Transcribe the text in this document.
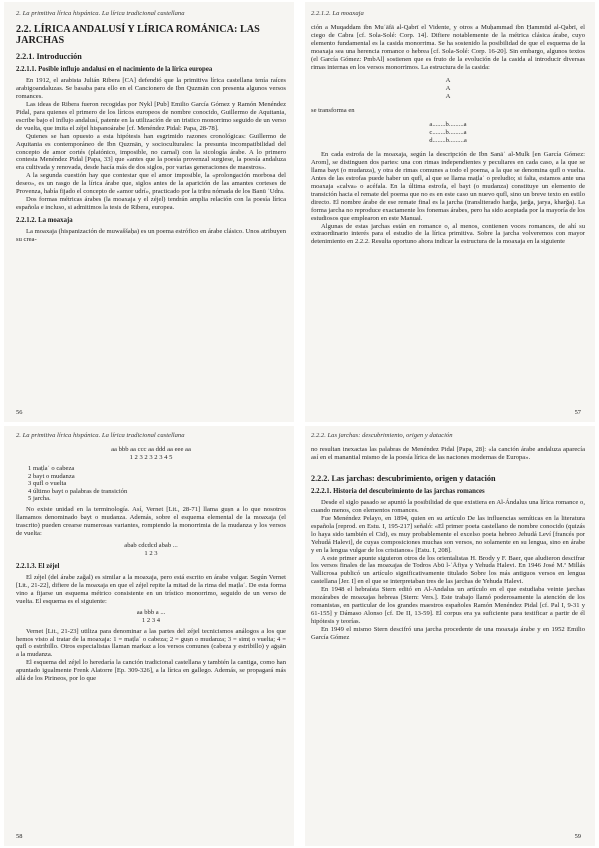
2. La primitiva lírica hispánica. La lírica tradicional castellana
2.2. LÍRICA ANDALUSÍ Y LÍRICA ROMÁNICA: LAS JARCHAS
2.2.1. Introducción
2.2.1.1. Posible influjo andalusí en el nacimiento de la lírica europea

En 1912, el arabista Julián Ribera [CA] defendió que la primitiva lírica castellana tenía raíces arabigoandaluzas. Se basaba para ello en el Cancionero de Ibn Quzmān con presenta algunos versos romances.

Las ideas de Ribera fueron recogidas por Nykl [Pub] Emilio García Gómez y Ramón Menéndez Pidal, para quienes el primero de los líricos europeos de nombre conocido, Guillermo de Aquitania, escribe bajo el influjo andalusí, patente en la utilización de un tristico monorrimo seguido de un verso de vuelta, que imita el zéjel hispanoárabe [cf. Menéndez Pidal: Papa, 28-78].

Quienes se han opuesto a esta hipótesis han esgrimido razones cronológicas: Guillermo de Aquitania es contemporáneo de Ibn Quzmān, y socioculturales: la presunta incompatibilidad del concepto de amor cortés (platónico, imposible, no carnal) con la sicología árabe. A lo primero contesta Menéndez Pidal [Papa, 33] que «antes que la poesía provenzal surgiese, la poesía andaluza era cultivada y renovada, desde hacía más de dos siglos, por varias generaciones de maestros».

A la segunda cuestión hay que contestar que el amor imposible, la «prolongación morbosa del deseo», es un rasgo de la lírica árabe que, siglos antes de la aparición de las amantes corteses de Provenza, había fijado el concepto de «amor udrí», practicado por la tribu nómada de los Banū ʿUdra.

Dos formas métricas árabes (la moaxaja y el zéjel) tendrán amplia relación con la poesía lírica española e incluso, si admitimos la tesis de Ribera, europea.

2.2.1.2. La moaxaja

La moaxaja (hispanización de muwaššaḥa) es un poema estrófico en árabe clásico. Unos atribuyen su crea-

56
2.2.1.2. La moaxaja

ción a Muqaddam ibn Muʿāfā al-Qabrī el Vidente, y otros a Muḥammad ibn Ḥammūd al-Qabrī, el ciego de Cabra [cf. Sola-Solé: Corp. 14]. Difiere notablemente de la métrica clásica árabe, cuyo elemento fundamental es la casida monorrima. Se ha sostenido la posibilidad de que el esquema de la moaxaja sea una herencia romance o hebrea [cf. Sola-Solé: Corp. 16-20]. Sin embargo, algunos textos (el García Gómez: PmbAl] sostienen que es fruto de la evolución de la casida al introducir diversas rimas internas en los versos monorrimos. La estructura de la casida:

A
A
A

se transforma en

a........b.........a
c........b.........a
d........b.........a

En cada estrofa de la moaxaja, según la descripción de Ibn Sanāʾ al-Mulk [en García Gómez: Arom], se distinguen dos partes: una con rimas independientes y peculiares en cada caso, a la que se llama bayt (o mudanza), y otra de rimas comunes a todo el poema, a la que se denomina qufl o vuelta. Antes de las estrofas puede haber un qufl, al que se llama maṭlaʿ o preludio; si falta, estamos ante una moaxaja «calva» o acéfala. En la última estrofa, el bayt (o mudanza) constituye un elemento de transición hacia el remate del poema que no es en este caso un nuevo qufl, sino un breve texto en estilo directo. El nombre árabe de ese remate final es la jarcha (transliterado harğa, jarğa, jarya, kharğa). La forma jarcha no reproduce exactamente los fonemas árabes, pero ha sido aceptada por la mayoría de los estudiosos que emplearon en este Manual.

Algunas de estas jarchas están en romance o, al menos, contienen voces romances, de ahí su extraordinario interés para el estudio de la lírica primitiva. Sobre la jarcha volveremos con mayor detenimiento en 2.2.2. Resulta oportuno ahora indicar la estructura de la moaxaja en la siguiente

57
2. La primitiva lírica hispánica. La lírica tradicional castellana
aa bbb aa ccc aa ddd aa eee aa
1 2 3 2 3 2 3 4 5
1 maṭlaʿ o cabeza
2 bayt o mudanza
3 qufl o vuelta
4 último bayt o palabras de transición
5 jarcha.

No existe unidad en la terminología. Así, Vernet [Lit., 28-71] llama guṣn a lo que nosotros llamamos denominado bayt o mudanza. Además, sobre el esquema elemental de la moaxaja (el trascrito) pueden crearse numerosas variantes, rompiendo la monorrimia de la mudanza y los versos de vuelta:

abab cdcdcd abab ...
1 2 3
2.2.1.3. El zéjel

El zéjel (del árabe zaǧal) es similar a la moaxaja, pero está escrito en árabe vulgar. Según Vernet [Lit., 21-22], difiere de la moaxaja en que el zéjel repite la mitad de la rima del maṭlaʿ. De esta forma vino a fijarse un esquema métrico consistente en un trístico monorrimo, seguido de un verso de vuelta. El esquema es el siguiente:

aa bbb a ...
1 2 3 4

Vernet [Lit., 21-23] utiliza para denominar a las partes del zéjel tecnicismos análogos a los que hemos visto al tratar de la moaxaja: 1 = maṭlaʿ o cabeza; 2 = guṣn o mudanza; 3 = simṭ o vuelta; 4 = qufl o estribillo. Otros especialistas llaman markaz a los versos comunes (cabeza y estribillo) y aġṣān a la mudanza.

El esquema del zéjel lo heredaría la canción tradicional castellana y también la cantiga, como han apuntado igualmente Frenk Alatorre [Ep. 309-326], a la lírica en gallego. Además, se propagará más allá de los Pirineos, por lo que

58
2.2.2. Las jarchas: descubrimiento, origen y datación

no resultan inexactas las palabras de Menéndez Pidal [Papa, 28]: «la canción árabe andaluza aparecía así en el manantial mismo de la poesía lírica de las naciones modernas de Europa».

2.2.2. Las jarchas: descubrimiento, origen y datación
2.2.2.1. Historia del descubrimiento de las jarchas romances

Desde el siglo pasado se apuntó la posibilidad de que existiera en Al-Ándalus una lírica romance o, cuando menos, con elementos romances.

Fue Menéndez Pelayo, en 1894, quien en su artículo De las influencias semíticas en la literatura española [reprod. en Estu. I, 195-217] señaló: «El primer poeta castellano de nombre conocido (quizás lo haya sido también el Cid), es muy probablemente el excelso poeta hebreo Jehudá Leví [francés por Yehudá Halevi], de cuyas composiciones muchas son versos, no solamente en su lengua, sino en árabe y en la lengua vulgar de los cristianos» [Estu. I, 208].

A este primer apunte siguieron otros de los orientalistas H. Brody y F. Baer, que aludieron descifrar los versos finales de las moaxajas de Todros Abū l-ʿĀfiya y Yehuda Halevi. En 1946 José M.ª Millás Vallicrosa publicó un artículo significativamente titulado Sobre los más antiguos versos en lengua castellana [Jer. I] en el que se interpretaban tres de las jarchas de Yehuda Halevi.

En 1948 el hebraísta Stern editó en Al-Andalus un artículo en el que estudiaba veinte jarchas mozárabes de moaxajas hebreas [Stern: Vers.]. Este trabajo llamó poderosamente la atención de los romanistas, en particular de los grandes maestros españoles Ramón Menéndez Pidal [cf. Pal I, 9-31 y 61-155] y Dámaso Alonso [cf. De II, 13-59]. El corpus era ya suficiente para testificar a partir de él hipótesis y teorías.

En 1949 el mismo Stern descifró una jarcha procedente de una moaxaja árabe y en 1952 Emilio García Gómez

59
